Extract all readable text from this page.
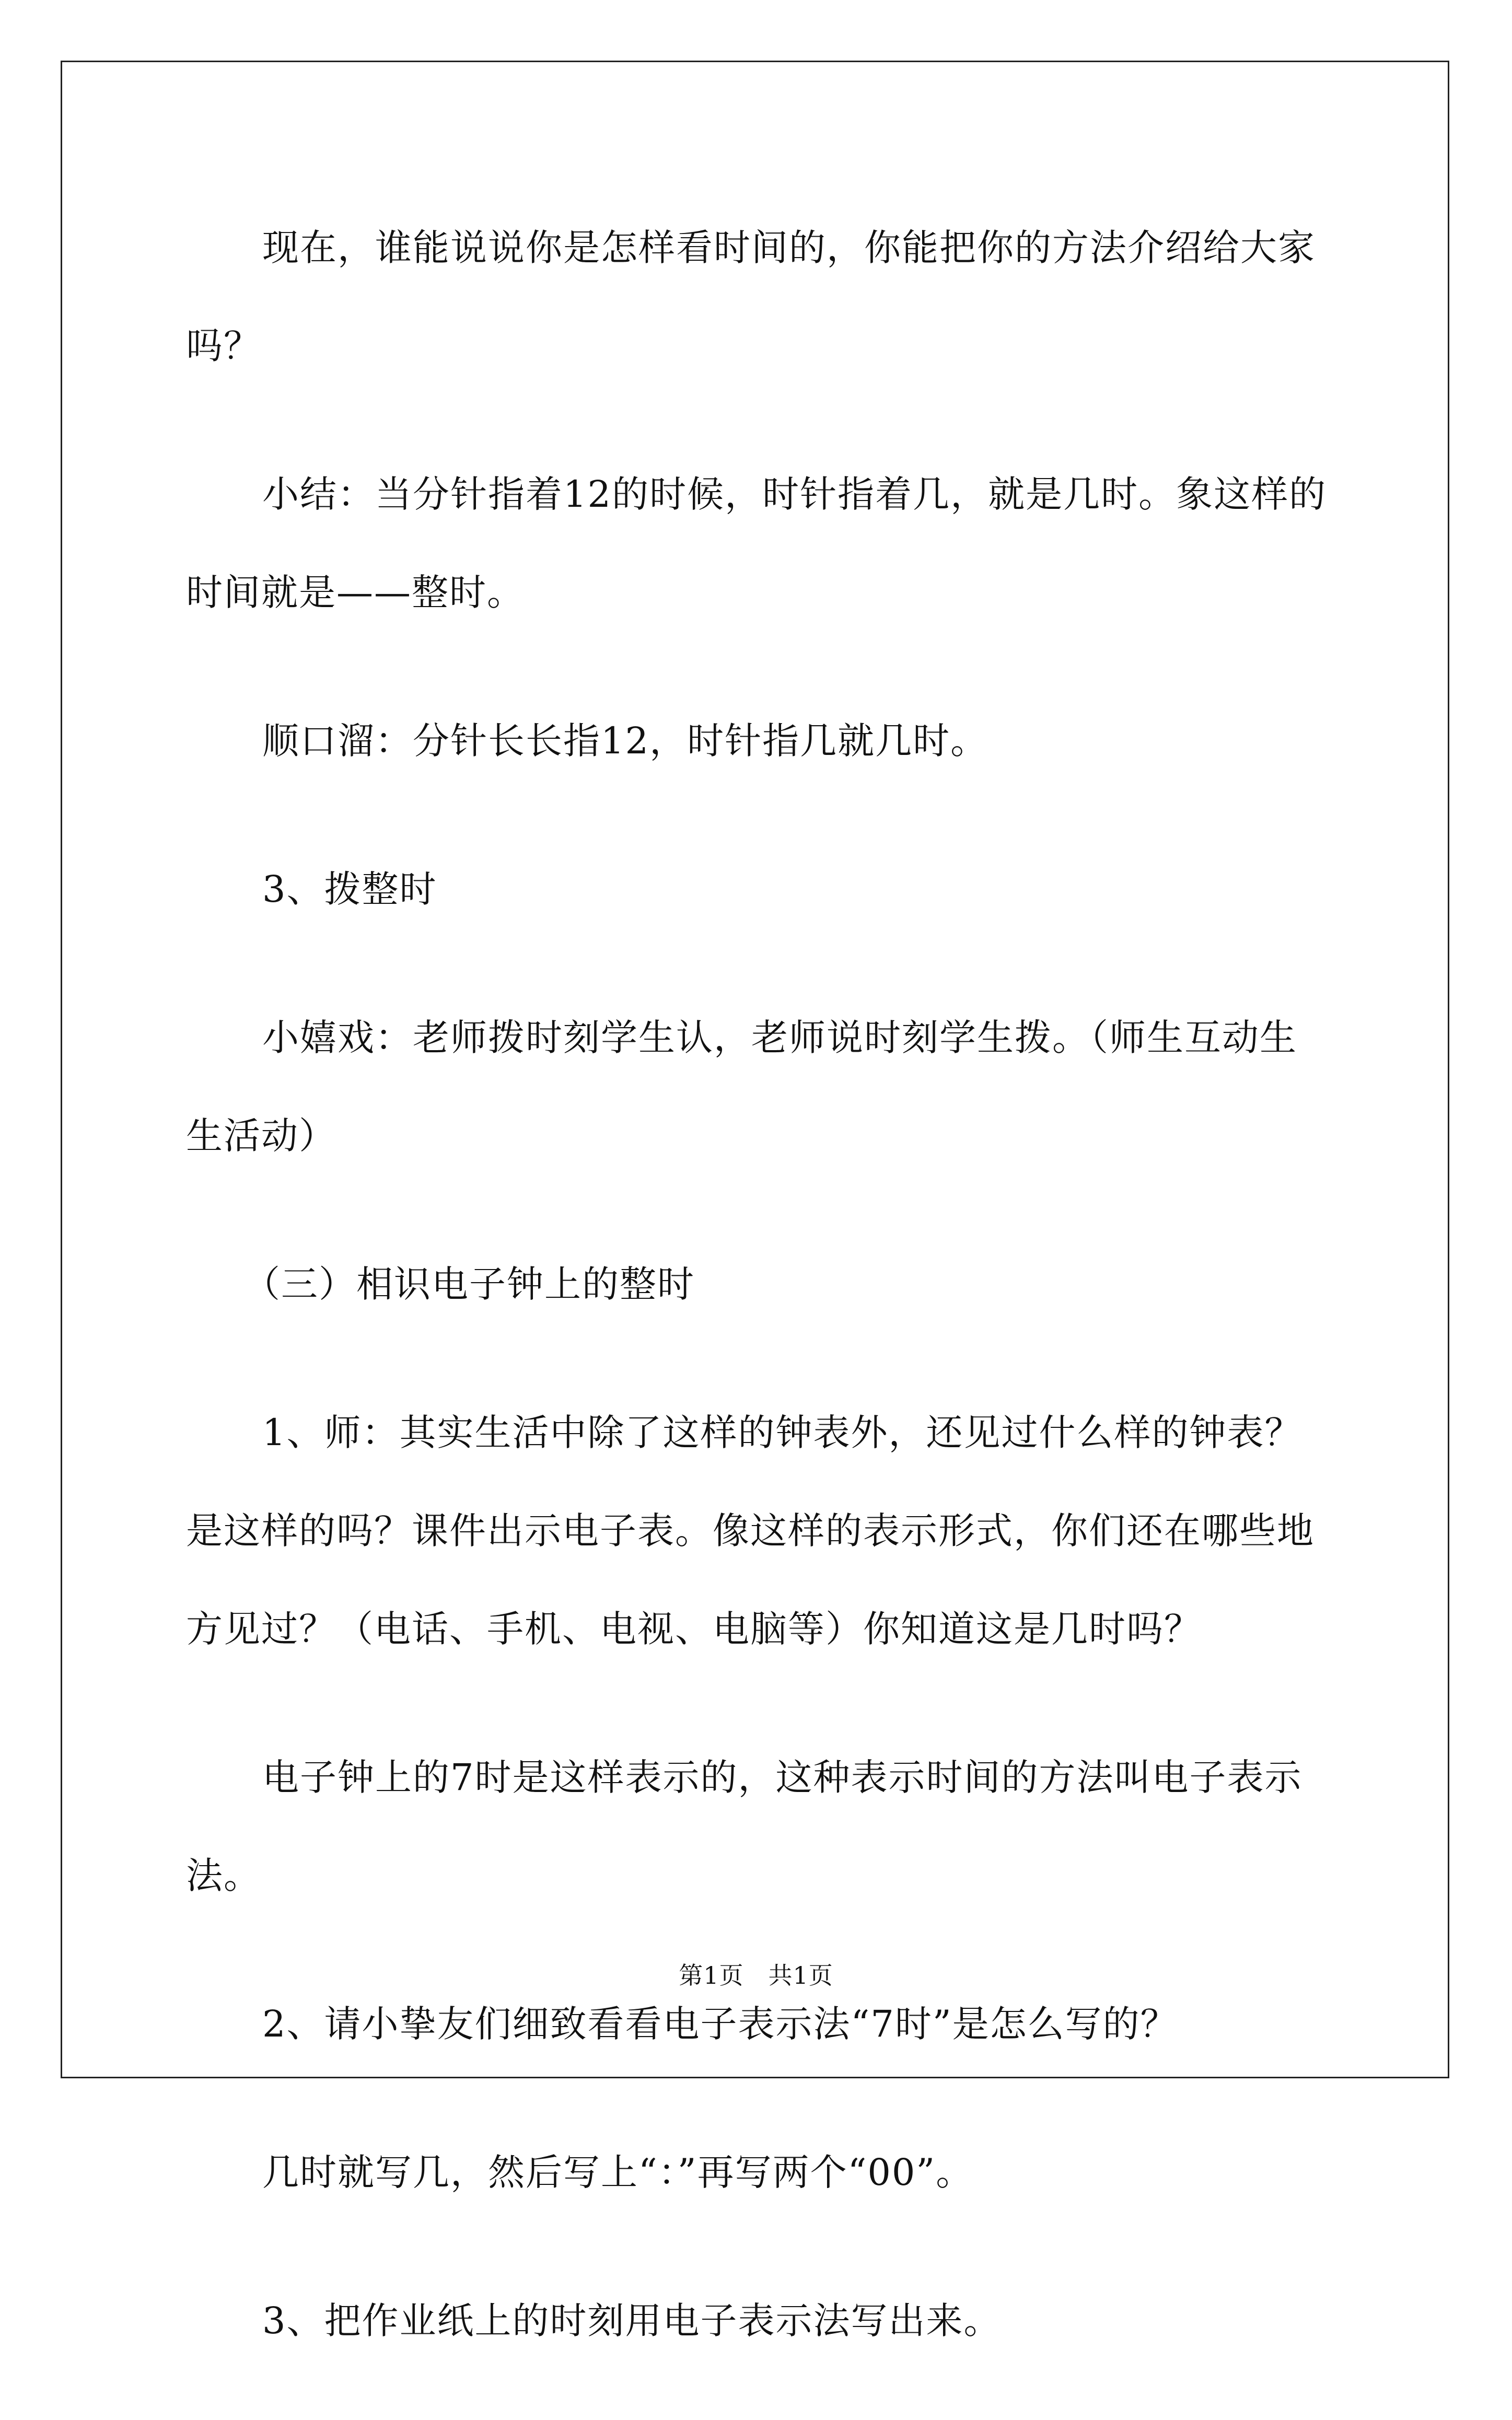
现在，谁能说说你是怎样看时间的，你能把你的方法介绍给大家吗？

小结：当分针指着12的时候，时针指着几，就是几时。象这样的时间就是——整时。

顺口溜：分针长长指12，时针指几就几时。

3、拨整时

小嬉戏：老师拨时刻学生认，老师说时刻学生拨。（师生互动生生活动）

（三）相识电子钟上的整时

1、师：其实生活中除了这样的钟表外，还见过什么样的钟表？是这样的吗？课件出示电子表。像这样的表示形式，你们还在哪些地方见过？（电话、手机、电视、电脑等）你知道这是几时吗？

电子钟上的7时是这样表示的，这种表示时间的方法叫电子表示法。

2、请小挚友们细致看看电子表示法“7时”是怎么写的？

几时就写几，然后写上“：”再写两个“00”。

3、把作业纸上的时刻用电子表示法写出来。

第1页　共1页
